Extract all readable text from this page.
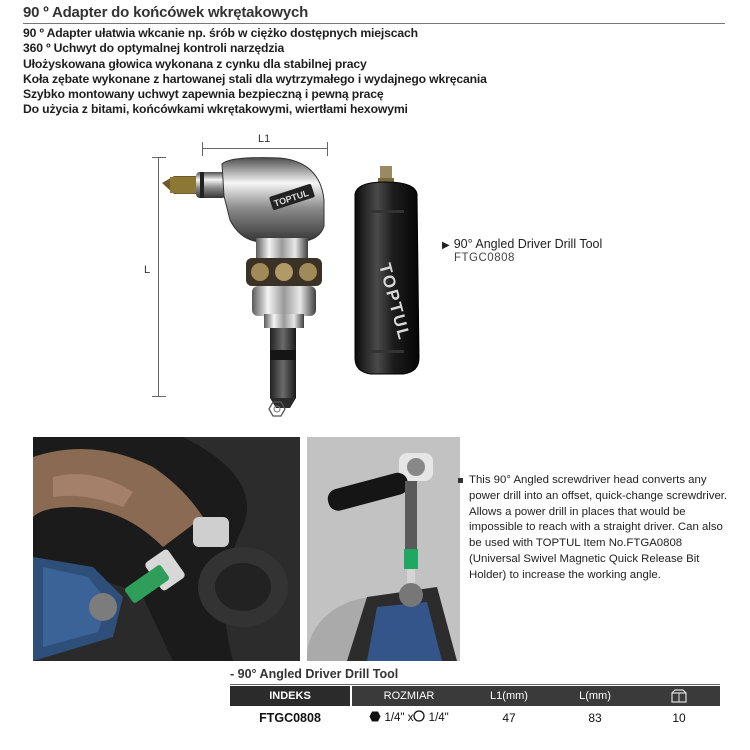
90 º Adapter do końcówek wkrętakowych
90 º Adapter ułatwia wkcanie np. śrób w ciężko dostępnych miejscach
360 º Uchwyt do optymalnej kontroli narzędzia
Ułożyskowana głowica wykonana z cynku dla stabilnej pracy
Koła zębate wykonane z hartowanej stali dla wytrzymałego i wydajnego wkręcania
Szybko montowany uchwyt zapewnia bezpieczną i pewną pracę
Do użycia z bitami, końcówkami wkrętakowymi, wiertłami hexowymi
L1
L
TOPTUL
TOPTUL
▶ 90° Angled Driver Drill Tool
FTGC0808
This 90° Angled screwdriver head converts any power drill into an offset, quick-change screwdriver. Allows a power drill in places that would be impossible to reach with a straight driver. Can also be used with TOPTUL Item No.FTGA0808 (Universal Swivel Magnetic Quick Release Bit Holder) to increase the working angle.
- 90° Angled Driver Drill Tool
INDEKS	ROZMIAR	L1(mm)	L(mm)
FTGC0808	1/4" x 1/4"	47	83	10
